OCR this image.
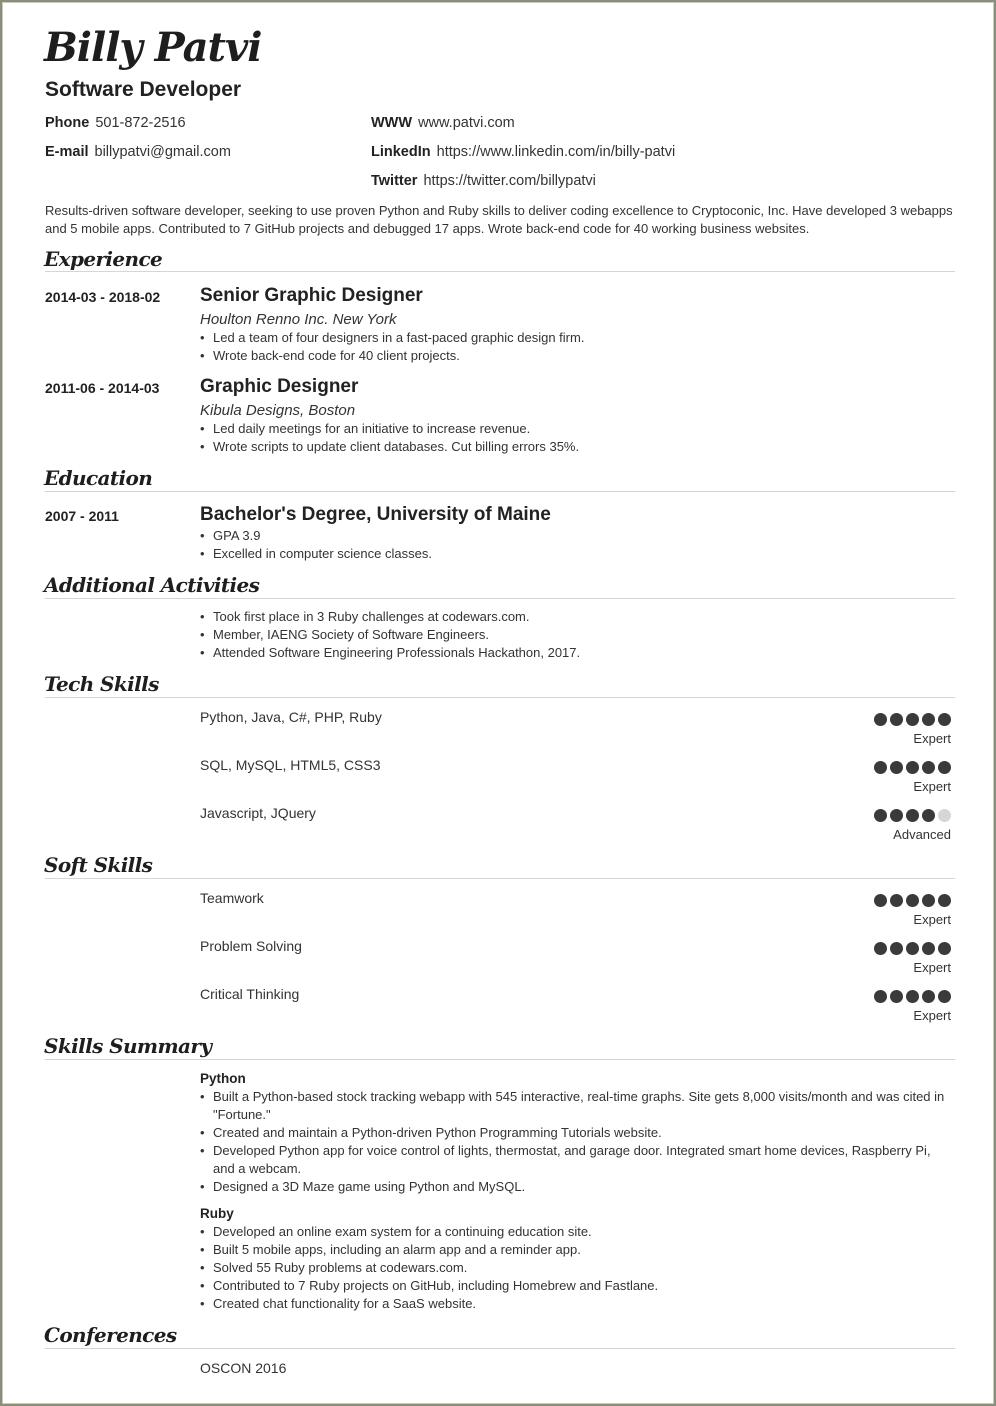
Billy Patvi
Software Developer
Phone 501-872-2516
E-mail billypatvi@gmail.com
WWW www.patvi.com
LinkedIn https://www.linkedin.com/in/billy-patvi
Twitter https://twitter.com/billypatvi
Results-driven software developer, seeking to use proven Python and Ruby skills to deliver coding excellence to Cryptoconic, Inc. Have developed 3 webapps and 5 mobile apps. Contributed to 7 GitHub projects and debugged 17 apps. Wrote back-end code for 40 working business websites.
Experience
2014-03 - 2018-02 Senior Graphic Designer
Houlton Renno Inc. New York
• Led a team of four designers in a fast-paced graphic design firm.
• Wrote back-end code for 40 client projects.
2011-06 - 2014-03 Graphic Designer
Kibula Designs, Boston
• Led daily meetings for an initiative to increase revenue.
• Wrote scripts to update client databases. Cut billing errors 35%.
Education
2007 - 2011	Bachelor's Degree, University of Maine
• GPA 3.9
• Excelled in computer science classes.
Additional Activities
• Took first place in 3 Ruby challenges at codewars.com.
• Member, IAENG Society of Software Engineers.
• Attended Software Engineering Professionals Hackathon, 2017.
Tech Skills
Python, Java, C#, PHP, Ruby
Expert
SQL, MySQL, HTML5, CSS3
Expert
Javascript, JQuery
Advanced
Soft Skills
Teamwork
Expert
Problem Solving
Expert
Critical Thinking
Expert
Skills Summary
Python
• Built a Python-based stock tracking webapp with 545 interactive, real-time graphs. Site gets 8,000 visits/month and was cited in "Fortune."
• Created and maintain a Python-driven Python Programming Tutorials website.
• Developed Python app for voice control of lights, thermostat, and garage door. Integrated smart home devices, Raspberry Pi, and a webcam.
• Designed a 3D Maze game using Python and MySQL.
Ruby
• Developed an online exam system for a continuing education site.
• Built 5 mobile apps, including an alarm app and a reminder app.
• Solved 55 Ruby problems at codewars.com.
• Contributed to 7 Ruby projects on GitHub, including Homebrew and Fastlane.
• Created chat functionality for a SaaS website.
Conferences
OSCON 2016
